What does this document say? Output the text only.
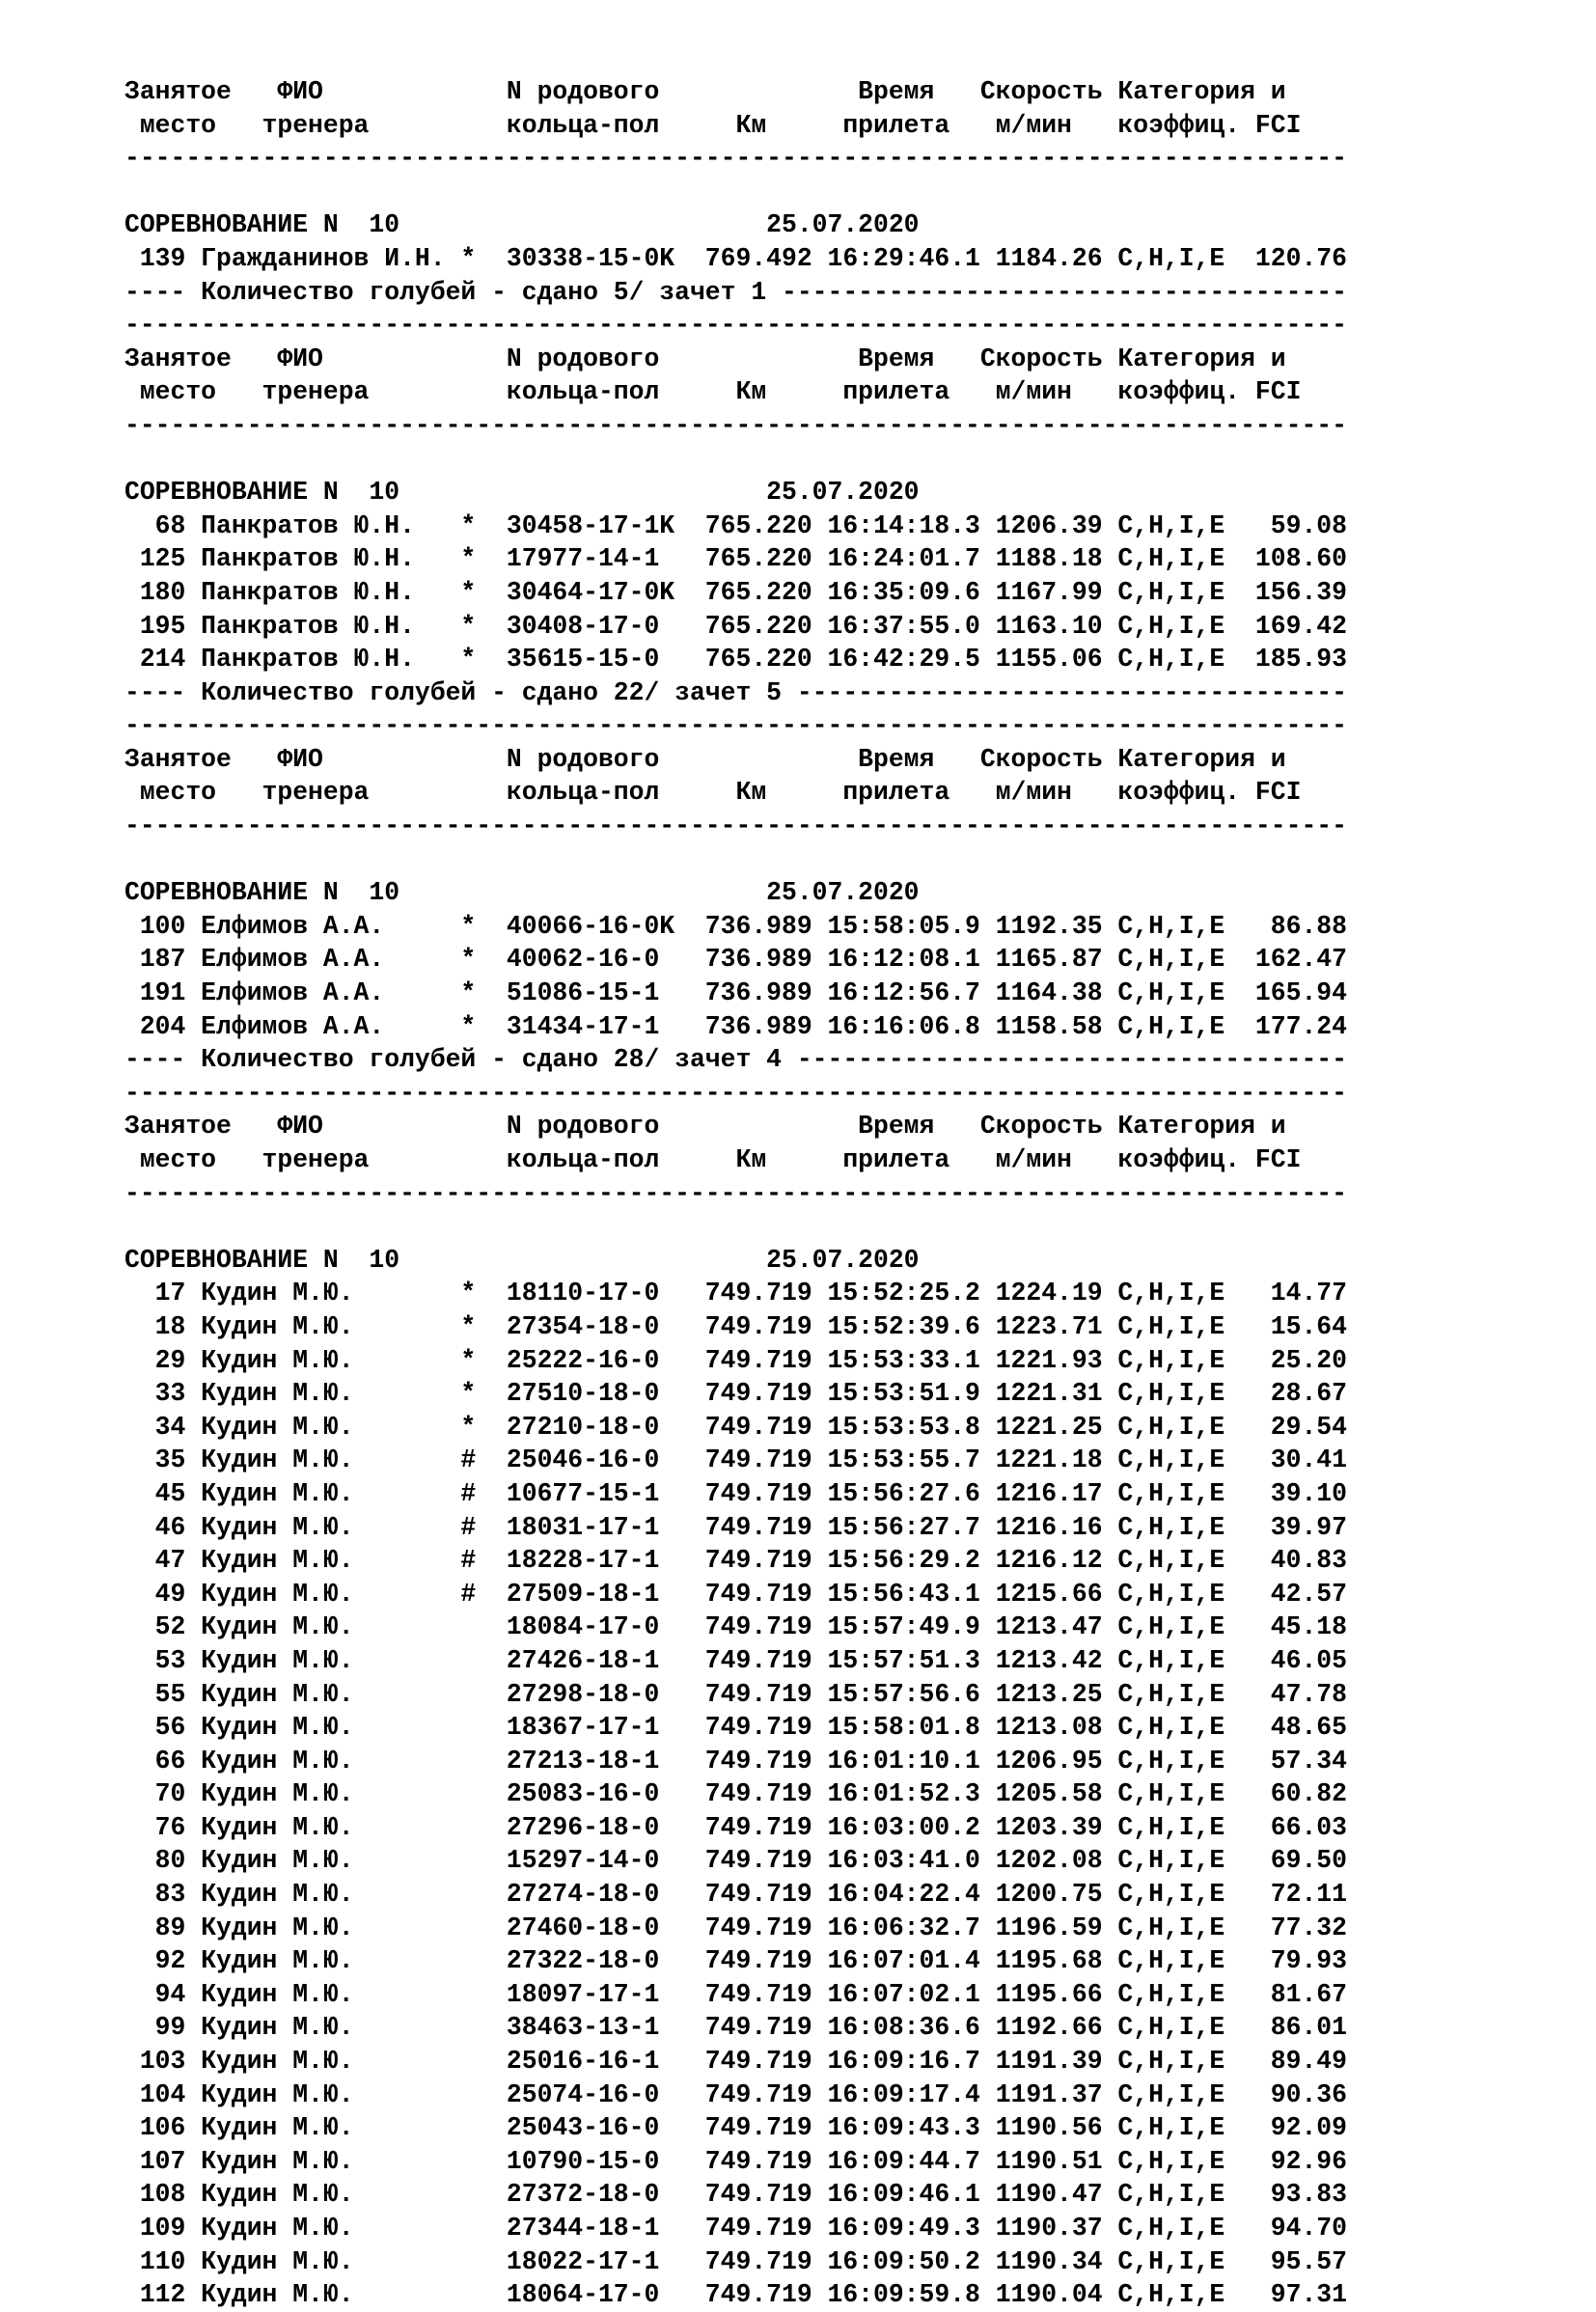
Занятое   ФИО            N родового             Время   Скорость Категория и
место   тренера         кольца-пол     Км     прилета   м/мин   коэффиц. FCI
--------------------------------------------------------------------------------
СОРЕВНОВАНИЕ N  10                        25.07.2020
139 Гражданинов И.Н. *  30338-15-0K  769.492 16:29:46.1 1184.26 C,H,I,E  120.76
---- Количество голубей - сдано 5/ зачет 1 -------------------------------------
--------------------------------------------------------------------------------
Занятое   ФИО            N родового             Время   Скорость Категория и
место   тренера         кольца-пол     Км     прилета   м/мин   коэффиц. FCI
--------------------------------------------------------------------------------
СОРЕВНОВАНИЕ N  10                        25.07.2020
68 Панкратов Ю.Н.   *  30458-17-1K  765.220 16:14:18.3 1206.39 C,H,I,E   59.08
125 Панкратов Ю.Н.   *  17977-14-1   765.220 16:24:01.7 1188.18 C,H,I,E  108.60
180 Панкратов Ю.Н.   *  30464-17-0K  765.220 16:35:09.6 1167.99 C,H,I,E  156.39
195 Панкратов Ю.Н.   *  30408-17-0   765.220 16:37:55.0 1163.10 C,H,I,E  169.42
214 Панкратов Ю.Н.   *  35615-15-0   765.220 16:42:29.5 1155.06 C,H,I,E  185.93
---- Количество голубей - сдано 22/ зачет 5 ------------------------------------
--------------------------------------------------------------------------------
Занятое   ФИО            N родового             Время   Скорость Категория и
место   тренера         кольца-пол     Км     прилета   м/мин   коэффиц. FCI
--------------------------------------------------------------------------------
СОРЕВНОВАНИЕ N  10                        25.07.2020
100 Елфимов А.А.     *  40066-16-0K  736.989 15:58:05.9 1192.35 C,H,I,E   86.88
187 Елфимов А.А.     *  40062-16-0   736.989 16:12:08.1 1165.87 C,H,I,E  162.47
191 Елфимов А.А.     *  51086-15-1   736.989 16:12:56.7 1164.38 C,H,I,E  165.94
204 Елфимов А.А.     *  31434-17-1   736.989 16:16:06.8 1158.58 C,H,I,E  177.24
---- Количество голубей - сдано 28/ зачет 4 ------------------------------------
--------------------------------------------------------------------------------
Занятое   ФИО            N родового             Время   Скорость Категория и
место   тренера         кольца-пол     Км     прилета   м/мин   коэффиц. FCI
--------------------------------------------------------------------------------
СОРЕВНОВАНИЕ N  10                        25.07.2020
17 Кудин М.Ю.       *  18110-17-0   749.719 15:52:25.2 1224.19 C,H,I,E   14.77
18 Кудин М.Ю.       *  27354-18-0   749.719 15:52:39.6 1223.71 C,H,I,E   15.64
29 Кудин М.Ю.       *  25222-16-0   749.719 15:53:33.1 1221.93 C,H,I,E   25.20
33 Кудин М.Ю.       *  27510-18-0   749.719 15:53:51.9 1221.31 C,H,I,E   28.67
34 Кудин М.Ю.       *  27210-18-0   749.719 15:53:53.8 1221.25 C,H,I,E   29.54
35 Кудин М.Ю.       #  25046-16-0   749.719 15:53:55.7 1221.18 C,H,I,E   30.41
45 Кудин М.Ю.       #  10677-15-1   749.719 15:56:27.6 1216.17 C,H,I,E   39.10
46 Кудин М.Ю.       #  18031-17-1   749.719 15:56:27.7 1216.16 C,H,I,E   39.97
47 Кудин М.Ю.       #  18228-17-1   749.719 15:56:29.2 1216.12 C,H,I,E   40.83
49 Кудин М.Ю.       #  27509-18-1   749.719 15:56:43.1 1215.66 C,H,I,E   42.57
52 Кудин М.Ю.          18084-17-0   749.719 15:57:49.9 1213.47 C,H,I,E   45.18
53 Кудин М.Ю.          27426-18-1   749.719 15:57:51.3 1213.42 C,H,I,E   46.05
55 Кудин М.Ю.          27298-18-0   749.719 15:57:56.6 1213.25 C,H,I,E   47.78
56 Кудин М.Ю.          18367-17-1   749.719 15:58:01.8 1213.08 C,H,I,E   48.65
66 Кудин М.Ю.          27213-18-1   749.719 16:01:10.1 1206.95 C,H,I,E   57.34
70 Кудин М.Ю.          25083-16-0   749.719 16:01:52.3 1205.58 C,H,I,E   60.82
76 Кудин М.Ю.          27296-18-0   749.719 16:03:00.2 1203.39 C,H,I,E   66.03
80 Кудин М.Ю.          15297-14-0   749.719 16:03:41.0 1202.08 C,H,I,E   69.50
83 Кудин М.Ю.          27274-18-0   749.719 16:04:22.4 1200.75 C,H,I,E   72.11
89 Кудин М.Ю.          27460-18-0   749.719 16:06:32.7 1196.59 C,H,I,E   77.32
92 Кудин М.Ю.          27322-18-0   749.719 16:07:01.4 1195.68 C,H,I,E   79.93
94 Кудин М.Ю.          18097-17-1   749.719 16:07:02.1 1195.66 C,H,I,E   81.67
99 Кудин М.Ю.          38463-13-1   749.719 16:08:36.6 1192.66 C,H,I,E   86.01
103 Кудин М.Ю.          25016-16-1   749.719 16:09:16.7 1191.39 C,H,I,E   89.49
104 Кудин М.Ю.          25074-16-0   749.719 16:09:17.4 1191.37 C,H,I,E   90.36
106 Кудин М.Ю.          25043-16-0   749.719 16:09:43.3 1190.56 C,H,I,E   92.09
107 Кудин М.Ю.          10790-15-0   749.719 16:09:44.7 1190.51 C,H,I,E   92.96
108 Кудин М.Ю.          27372-18-0   749.719 16:09:46.1 1190.47 C,H,I,E   93.83
109 Кудин М.Ю.          27344-18-1   749.719 16:09:49.3 1190.37 C,H,I,E   94.70
110 Кудин М.Ю.          18022-17-1   749.719 16:09:50.2 1190.34 C,H,I,E   95.57
112 Кудин М.Ю.          18064-17-0   749.719 16:09:59.8 1190.04 C,H,I,E   97.31
